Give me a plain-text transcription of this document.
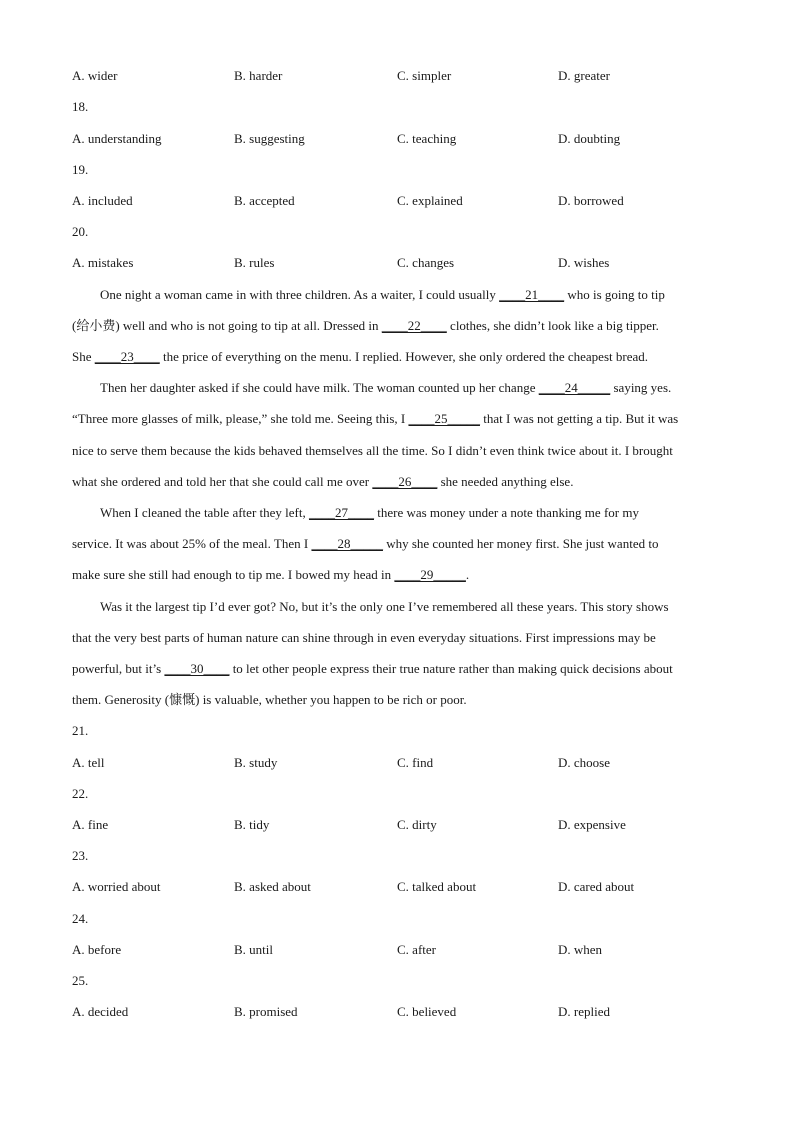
A. wider	B. harder	C. simpler	D. greater
18.
A. understanding	B. suggesting	C. teaching	D. doubting
19.
A. included	B. accepted	C. explained	D. borrowed
20.
A. mistakes	B. rules	C. changes	D. wishes
One night a woman came in with three children. As a waiter, I could usually ____21____ who is going to tip
(给小费) well and who is not going to tip at all. Dressed in ____22____ clothes, she didn’t look like a big tipper.
She ____23____ the price of everything on the menu. I replied. However, she only ordered the cheapest bread.
Then her daughter asked if she could have milk. The woman counted up her change ____24_____ saying yes.
“Three more glasses of milk, please,” she told me. Seeing this, I ____25_____ that I was not getting a tip. But it was
nice to serve them because the kids behaved themselves all the time. So I didn’t even think twice about it. I brought
what she ordered and told her that she could call me over ____26____ she needed anything else.
When I cleaned the table after they left, ____27____ there was money under a note thanking me for my
service. It was about 25% of the meal. Then I ____28_____ why she counted her money first. She just wanted to
make sure she still had enough to tip me. I bowed my head in ____29_____.
Was it the largest tip I’d ever got? No, but it’s the only one I’ve remembered all these years. This story shows
that the very best parts of human nature can shine through in even everyday situations. First impressions may be
powerful, but it’s ____30____ to let other people express their true nature rather than making quick decisions about
them. Generosity (慷慨) is valuable, whether you happen to be rich or poor.
21.
A. tell	B. study	C. find	D. choose
22.
A. fine	B. tidy	C. dirty	D. expensive
23.
A. worried about	B. asked about	C. talked about	D. cared about
24.
A. before	B. until	C. after	D. when
25.
A. decided	B. promised	C. believed	D. replied
